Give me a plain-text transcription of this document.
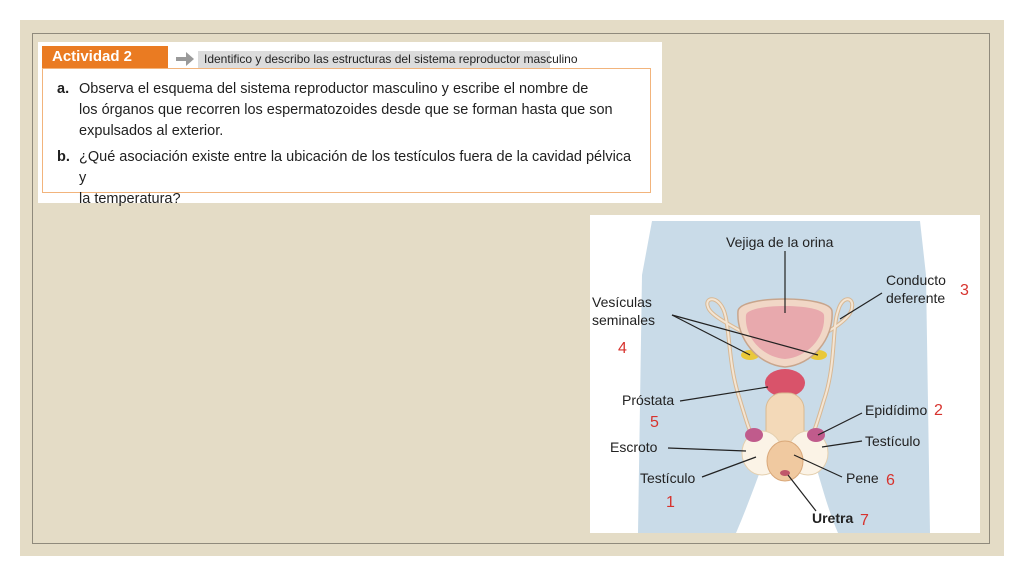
Actividad 2	Identifico y describo las estructuras del sistema reproductor masculino
a. Observa el esquema del sistema reproductor masculino y escribe el nombre de
los órganos que recorren los espermatozoides desde que se forman hasta que son
expulsados al exterior.
b. ¿Qué asociación existe entre la ubicación de los testículos fuera de la cavidad pélvica y
la temperatura?
Vejiga de la orina
Conducto
deferente 3
Vesículas
seminales
4
Próstata
5
Epidídimo 2
Testículo
Escroto
Testículo
1
Pene 6
Uretra 7
